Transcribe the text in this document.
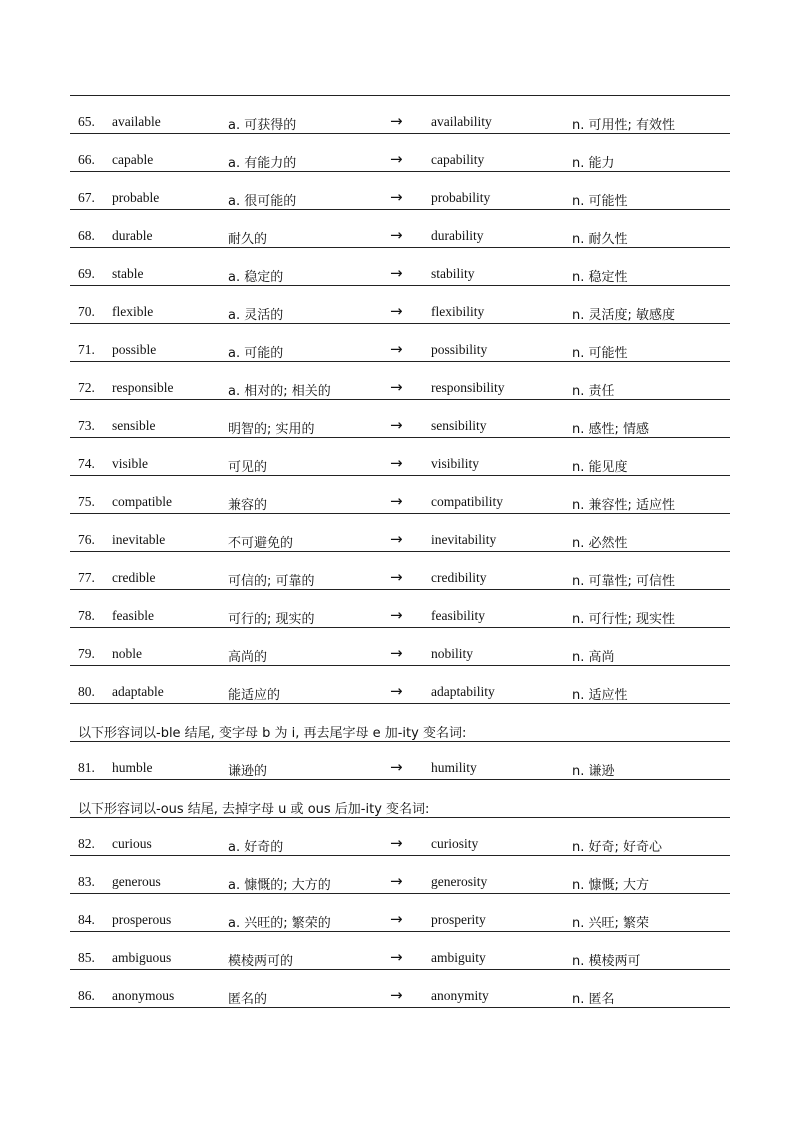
65. available	a. 可获得的	→ availability	n. 可用性; 有效性
66. capable	a. 有能力的	→ capability	n. 能力
67. probable	a. 很可能的	→ probability	n. 可能性
68. durable	耐久的	→ durability	n. 耐久性
69. stable	a. 稳定的	→ stability	n. 稳定性
70. flexible	a. 灵活的	→ flexibility	n. 灵活度; 敏感度
71. possible	a. 可能的	→ possibility	n. 可能性
72. responsible	a. 相对的; 相关的	→ responsibility	n. 责任
73. sensible	明智的; 实用的	→ sensibility	n. 感性; 情感
74. visible	可见的	→ visibility	n. 能见度
75. compatible	兼容的	→ compatibility	n. 兼容性; 适应性
76. inevitable	不可避免的	→ inevitability	n. 必然性
77. credible	可信的; 可靠的	→ credibility	n. 可靠性; 可信性
78. feasible	可行的; 现实的	→ feasibility	n. 可行性; 现实性
79. noble	高尚的	→ nobility	n. 高尚
80. adaptable	能适应的	→ adaptability	n. 适应性
以下形容词以-ble 结尾, 变字母 b 为 i, 再去尾字母 e 加-ity 变名词:
81. humble	谦逊的	→ humility	n. 谦逊
以下形容词以-ous 结尾, 去掉字母 u 或 ous 后加-ity 变名词:
82. curious	a. 好奇的	→ curiosity	n. 好奇; 好奇心
83. generous	a. 慷慨的; 大方的	→ generosity	n. 慷慨; 大方
84. prosperous	a. 兴旺的; 繁荣的	→ prosperity	n. 兴旺; 繁荣
85. ambiguous	模棱两可的	→ ambiguity	n. 模棱两可
86. anonymous	匿名的	→ anonymity	n. 匿名
